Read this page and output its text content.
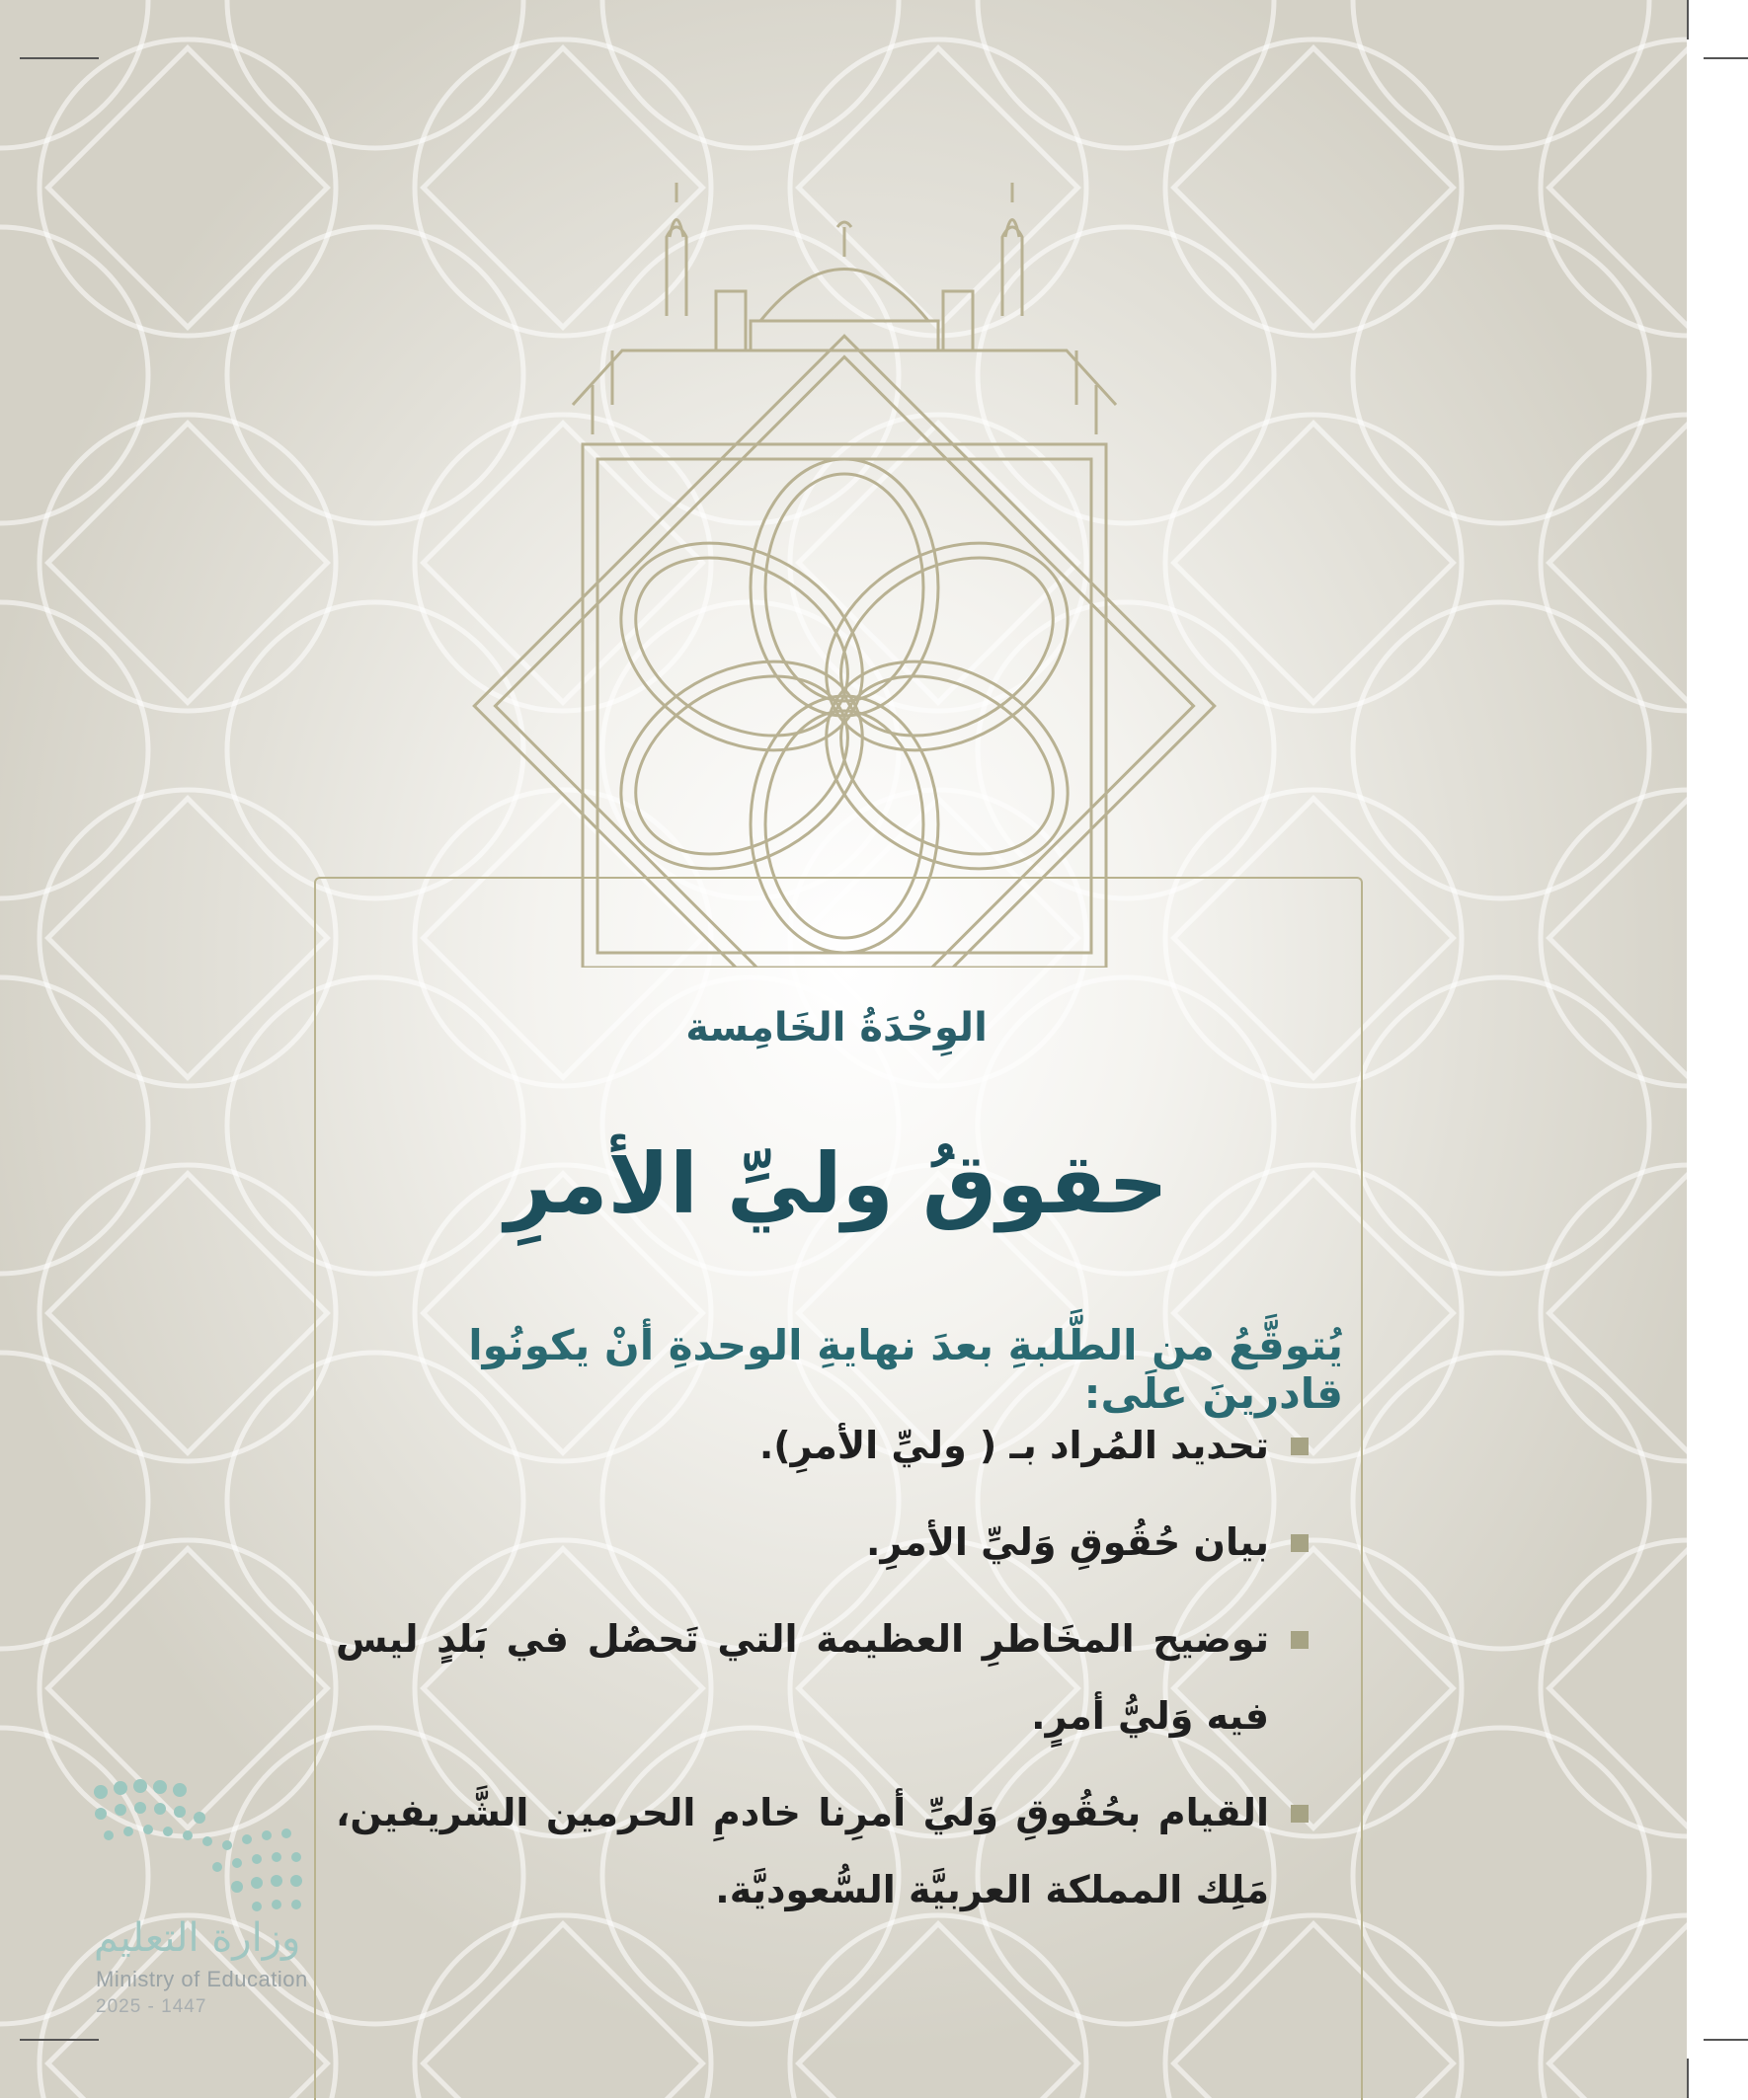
الوِحْدَةُ الخَامِسة
حقوقُ وليِّ الأمرِ
يُتوقَّعُ من الطَّلبةِ بعدَ نهايةِ الوحدةِ أنْ يكونُوا قادرينَ علَى:
تحديد المُراد بـ ( وليِّ الأمرِ).
بيان حُقُوقِ وَليِّ الأمرِ.
توضيح المخَاطرِ العظيمة التي تَحصُل في بَلدٍ ليس فيه وَليُّ أمرٍ.
القيام بحُقُوقِ وَليِّ أمرِنا خادمِ الحرمين الشَّريفين، مَلِك المملكة العربيَّة السُّعوديَّة.
وزارة التعليم
Ministry of Education
2025 - 1447
